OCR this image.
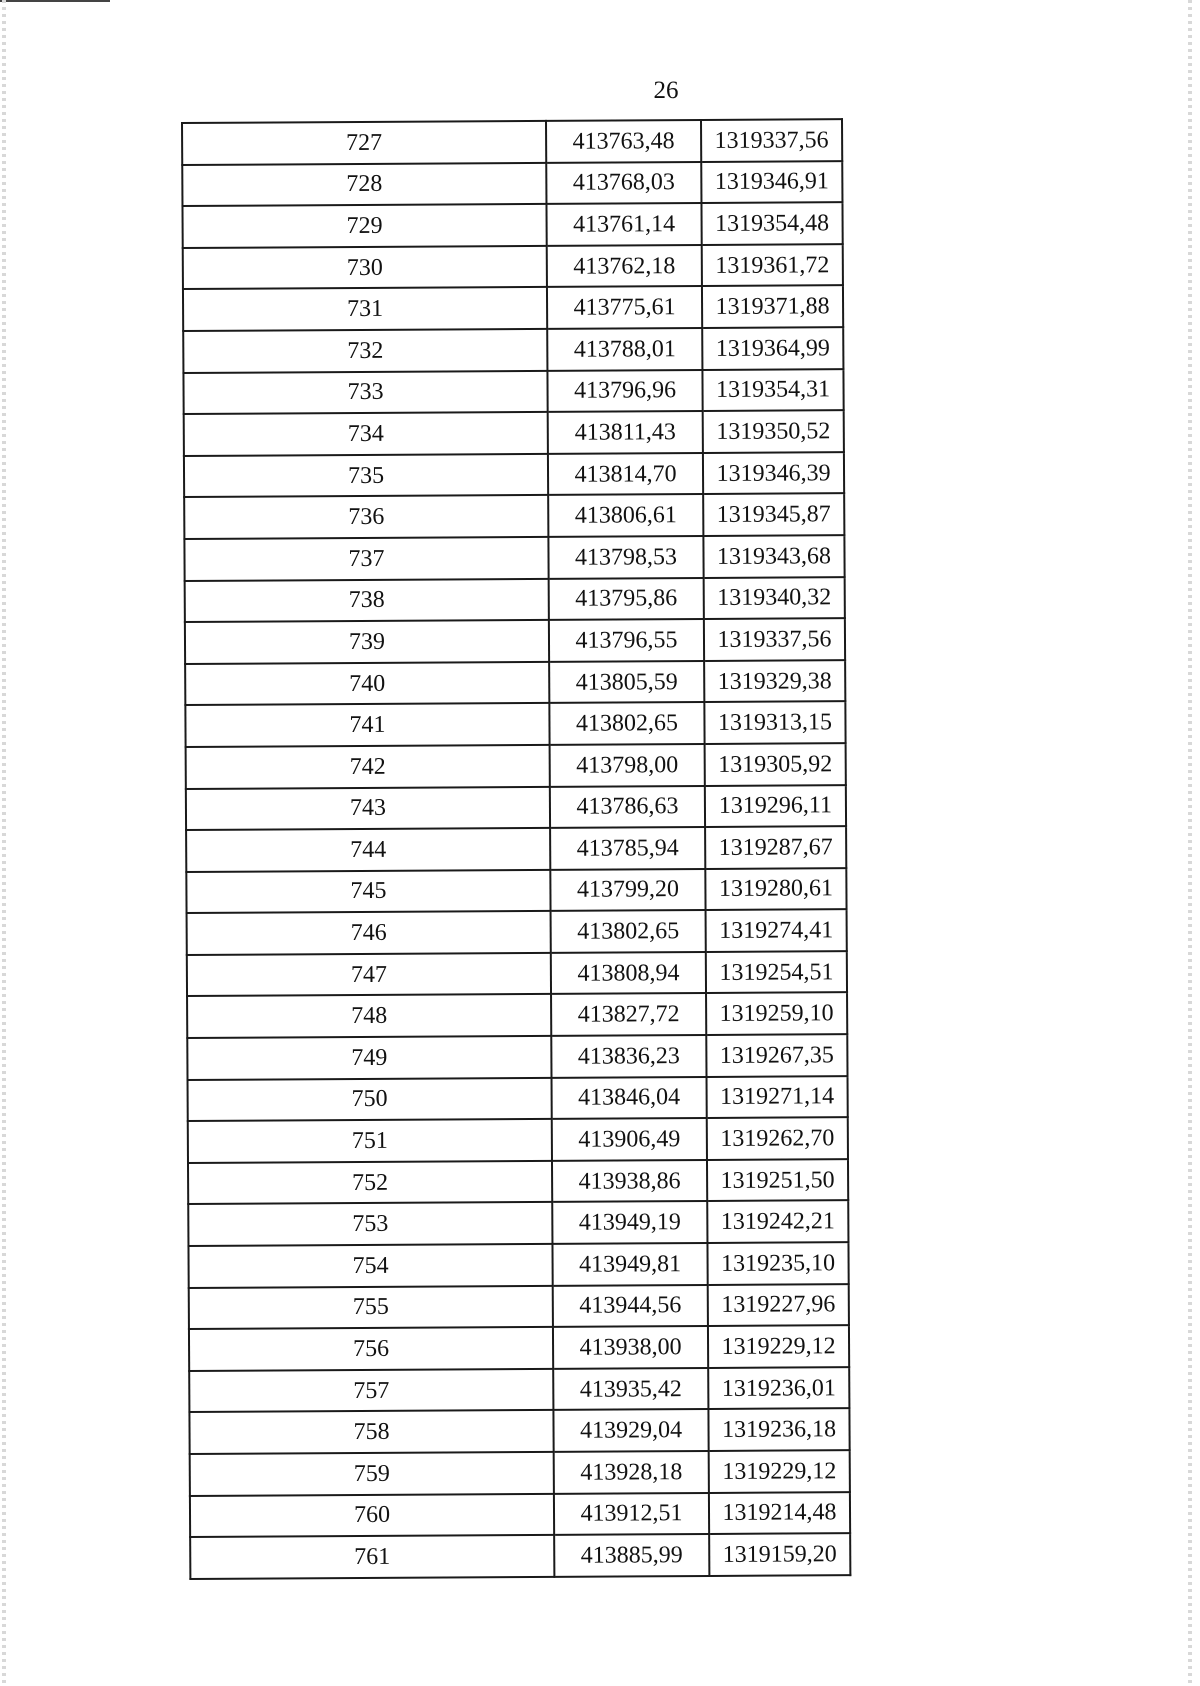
26
727	413763,48	1319337,56
728	413768,03	1319346,91
729	413761,14	1319354,48
730	413762,18	1319361,72
731	413775,61	1319371,88
732	413788,01	1319364,99
733	413796,96	1319354,31
734	413811,43	1319350,52
735	413814,70	1319346,39
736	413806,61	1319345,87
737	413798,53	1319343,68
738	413795,86	1319340,32
739	413796,55	1319337,56
740	413805,59	1319329,38
741	413802,65	1319313,15
742	413798,00	1319305,92
743	413786,63	1319296,11
744	413785,94	1319287,67
745	413799,20	1319280,61
746	413802,65	1319274,41
747	413808,94	1319254,51
748	413827,72	1319259,10
749	413836,23	1319267,35
750	413846,04	1319271,14
751	413906,49	1319262,70
752	413938,86	1319251,50
753	413949,19	1319242,21
754	413949,81	1319235,10
755	413944,56	1319227,96
756	413938,00	1319229,12
757	413935,42	1319236,01
758	413929,04	1319236,18
759	413928,18	1319229,12
760	413912,51	1319214,48
761	413885,99	1319159,20
